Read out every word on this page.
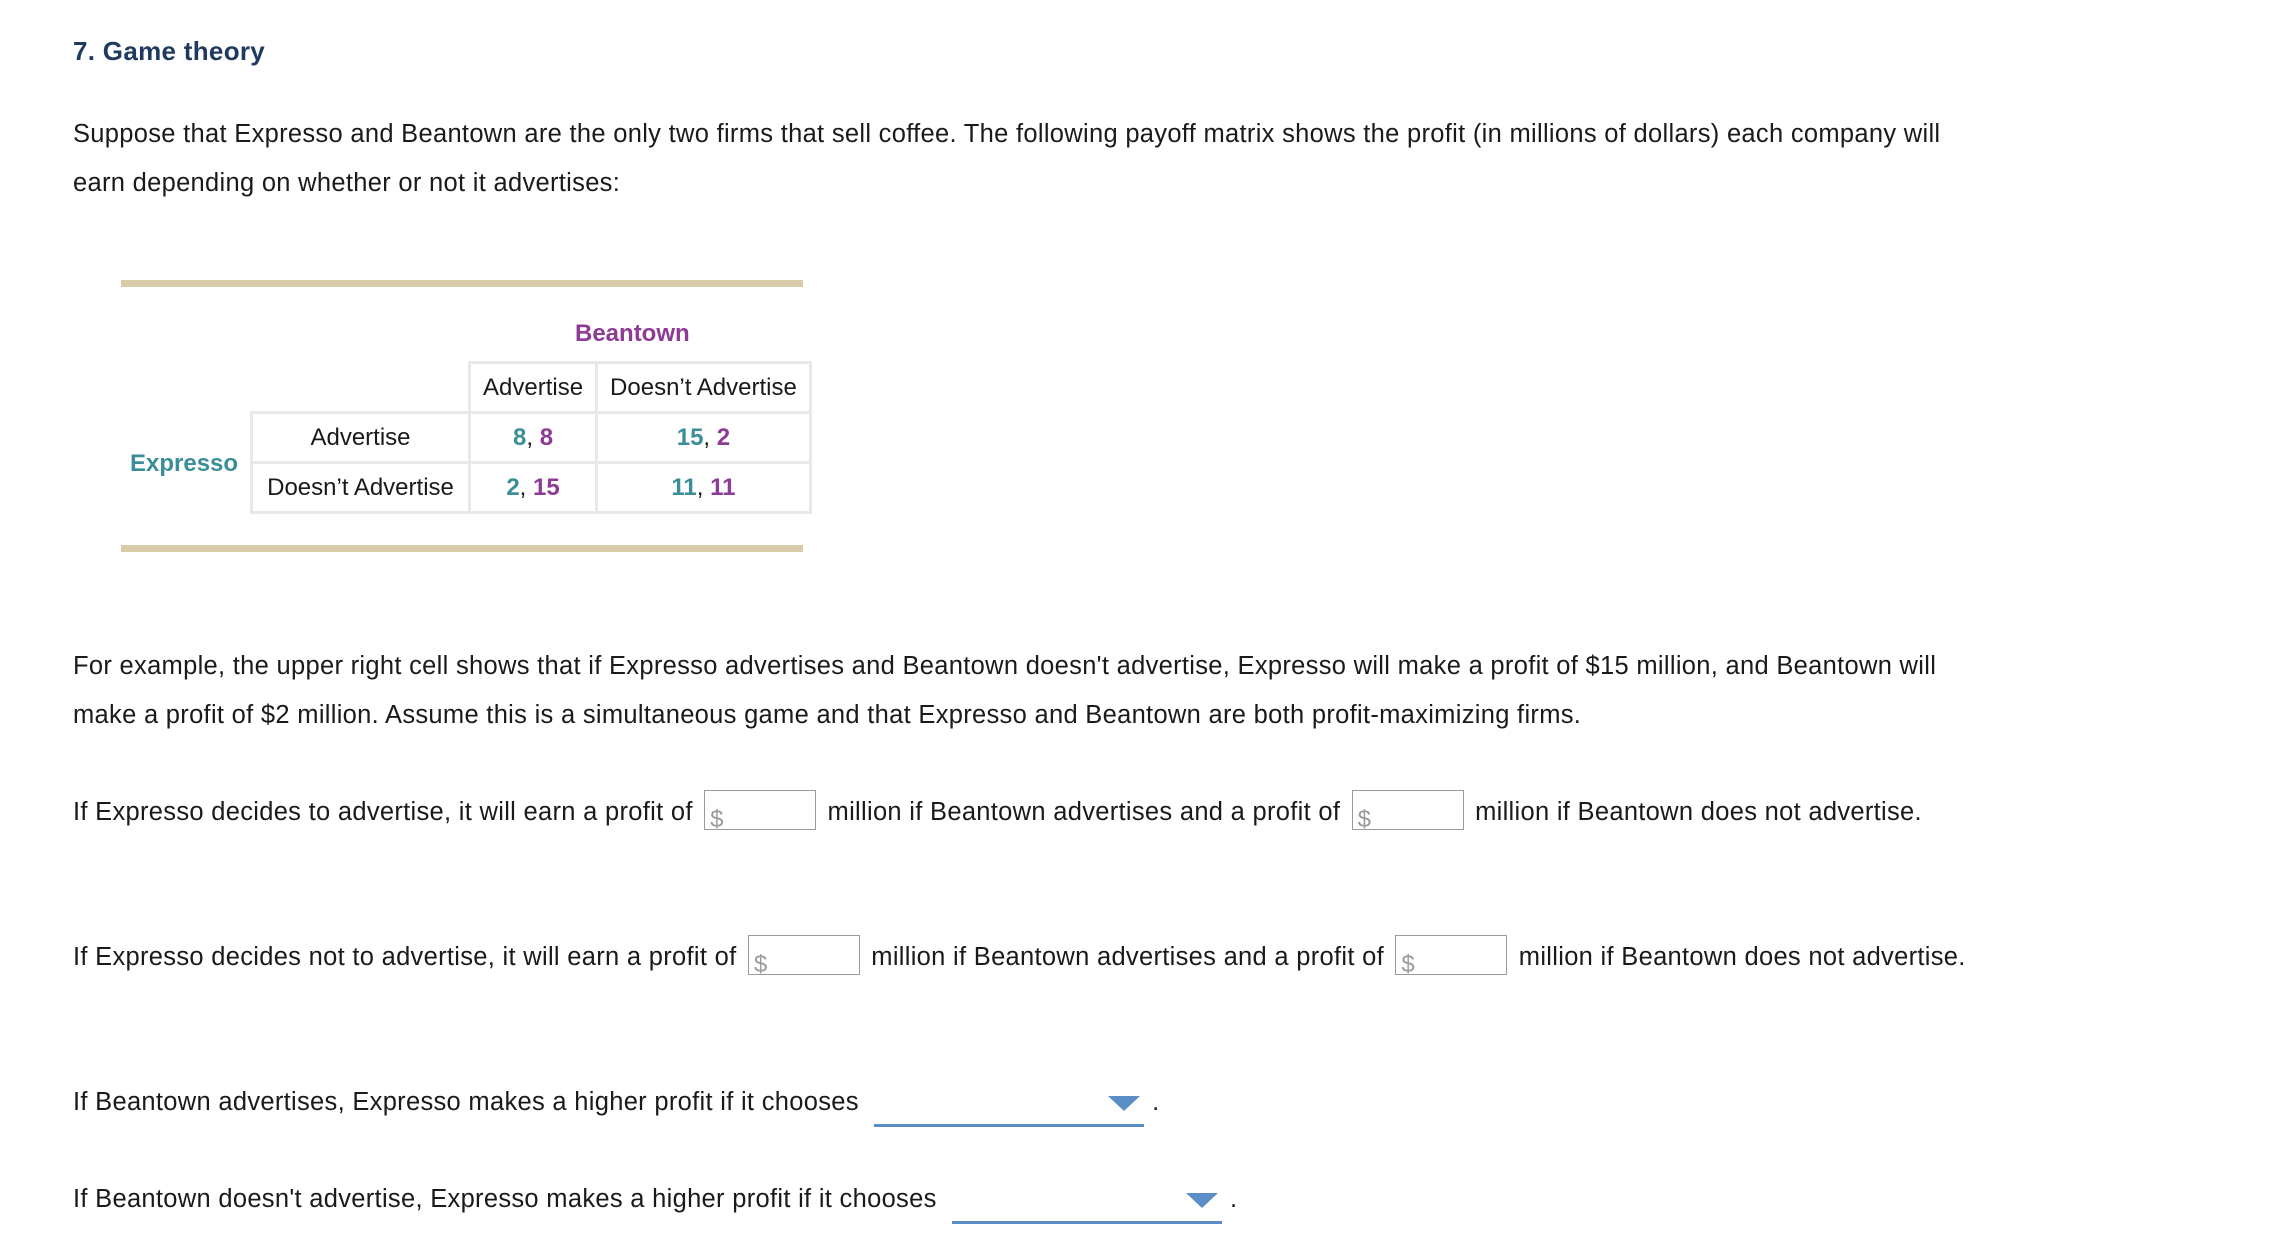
7. Game theory
Suppose that Expresso and Beantown are the only two firms that sell coffee. The following payoff matrix shows the profit (in millions of dollars) each company will earn depending on whether or not it advertises:
Beantown
Expresso
	Advertise	Doesn’t Advertise
Advertise	8, 8	15, 2
Doesn’t Advertise	2, 15	11, 11
For example, the upper right cell shows that if Expresso advertises and Beantown doesn't advertise, Expresso will make a profit of $15 million, and Beantown will make a profit of $2 million. Assume this is a simultaneous game and that Expresso and Beantown are both profit-maximizing firms.
If Expresso decides to advertise, it will earn a profit of $	million if Beantown advertises and a profit of $	million if Beantown does not advertise.
If Expresso decides not to advertise, it will earn a profit of $	million if Beantown advertises and a profit of $	million if Beantown does not advertise.
If Beantown advertises, Expresso makes a higher profit if it chooses	.
If Beantown doesn't advertise, Expresso makes a higher profit if it chooses	.
